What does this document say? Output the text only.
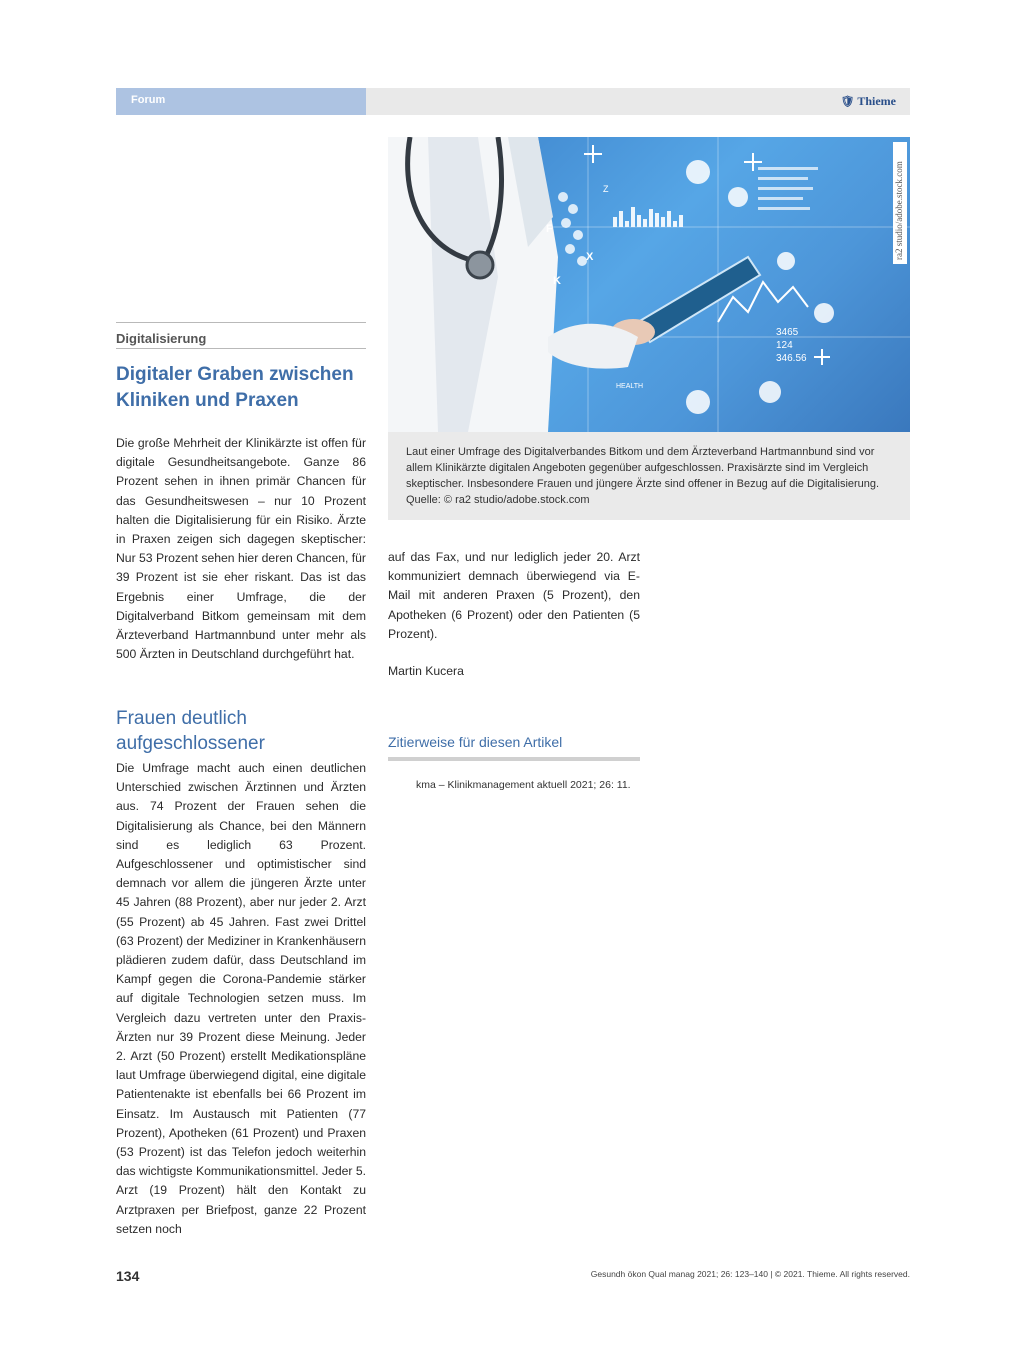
Forum	🛡 Thieme
Digitalisierung
Digitaler Graben zwischen Kliniken und Praxen

Die große Mehrheit der Klinikärzte ist offen für digitale Gesundheitsangebote. Ganze 86 Prozent sehen in ihnen primär Chancen für das Gesundheitswesen – nur 10 Prozent halten die Digitalisierung für ein Risiko. Ärzte in Praxen zeigen sich dagegen skeptischer: Nur 53 Prozent sehen hier deren Chancen, für 39 Prozent ist sie eher riskant. Das ist das Ergebnis einer Umfrage, die der Digitalverband Bitkom gemeinsam mit dem Ärzteverband Hartmannbund unter mehr als 500 Ärzten in Deutschland durchgeführt hat.

Frauen deutlich aufgeschlossener

Die Umfrage macht auch einen deutlichen Unterschied zwischen Ärztinnen und Ärzten aus. 74 Prozent der Frauen sehen die Digitalisierung als Chance, bei den Männern sind es lediglich 63 Prozent. Aufgeschlossener und optimistischer sind demnach vor allem die jüngeren Ärzte unter 45 Jahren (88 Prozent), aber nur jeder 2. Arzt (55 Prozent) ab 45 Jahren. Fast zwei Drittel (63 Prozent) der Mediziner in Krankenhäusern plädieren zudem dafür, dass Deutschland im Kampf gegen die Corona-Pandemie stärker auf digitale Technologien setzen muss. Im Vergleich dazu vertreten unter den Praxis-Ärzten nur 39 Prozent diese Meinung. Jeder 2. Arzt (50 Prozent) erstellt Medikationspläne laut Umfrage überwiegend digital, eine digitale Patientenakte ist ebenfalls bei 66 Prozent im Einsatz. Im Austausch mit Patienten (77 Prozent), Apotheken (61 Prozent) und Praxen (53 Prozent) ist das Telefon jedoch weiterhin das wichtigste Kommunikationsmittel. Jeder 5. Arzt (19 Prozent) hält den Kontakt zu Arztpraxen per Briefpost, ganze 22 Prozent setzen noch

3465
124
346.56
F
X
K
Z
HEALTH
ra2 studio/adobe.stock.com
Laut einer Umfrage des Digitalverbandes Bitkom und dem Ärzteverband Hartmannbund sind vor allem Klinikärzte digitalen Angeboten gegenüber aufgeschlossen. Praxisärzte sind im Vergleich skeptischer. Insbesondere Frauen und jüngere Ärzte sind offener in Bezug auf die Digitalisierung. Quelle: © ra2 studio/adobe.stock.com

auf das Fax, und nur lediglich jeder 20. Arzt kommuniziert demnach überwiegend via E-Mail mit anderen Praxen (5 Prozent), den Apotheken (6 Prozent) oder den Patienten (5 Prozent).

Martin Kucera
Zitierweise für diesen Artikel
kma – Klinikmanagement aktuell 2021; 26: 11.
134	Gesundh ökon Qual manag 2021; 26: 123–140 | © 2021. Thieme. All rights reserved.
